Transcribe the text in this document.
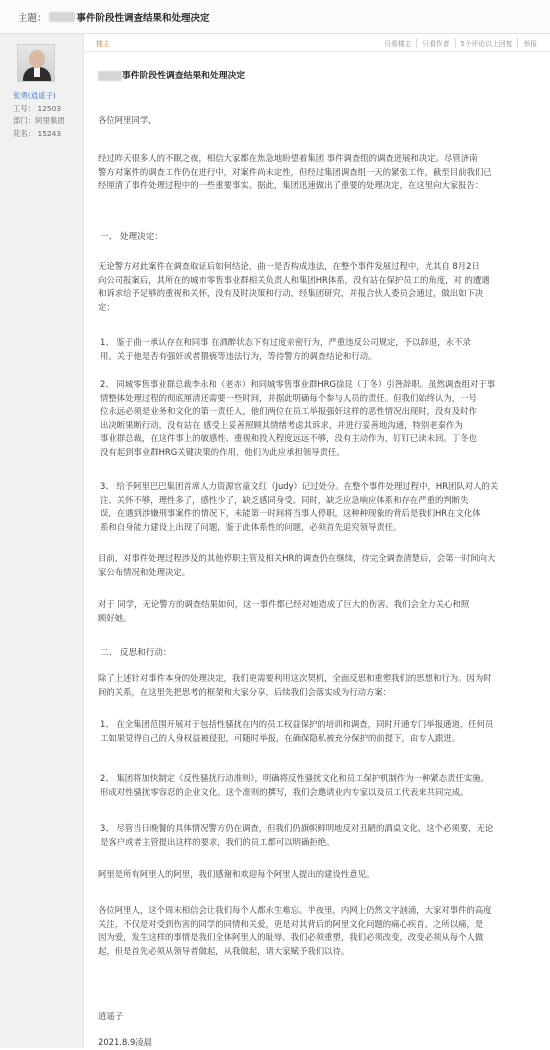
主题：	事件阶段性调查结果和处理决定
张勇(逍遥子)
工号： 12503
部门：阿里集团
花名： 15243
楼主	只看楼主	只看作者	5个评论以上回复	举报
事件阶段性调查结果和处理决定
各位阿里同学,
经过昨天很多人的不眠之夜，相信大家都在焦急地盼望着集团 事件调查组的调查进展和决定。尽管济南
警方对案件的调查工作仍在进行中，对案件尚未定性，但经过集团调查组一天的紧张工作，截至目前我们已
经厘清了事件处理过程中的一些重要事实。据此，集团迅速做出了重要的处理决定，在这里向大家报告：
一、 处理决定：
无论警方对此案件在调查取证后如何结论，曲一是否构成违法，在整个事件发展过程中，尤其自 8月2日
向公司报案后，其所在的城市零售事业群相关负责人和集团HR体系，没有站在保护员工的角度，对 的遭遇
和诉求给予足够的重视和关怀，没有及时决策和行动，经集团研究，并报合伙人委员会通过，做出如下决
定：
1、 鉴于曲一承认存在和同事 在酒醉状态下有过度亲密行为，严重违反公司规定，予以辞退，永不录
用。关于他是否有强奸或者猥亵等违法行为，等待警方的调查结论和行动。
2、 同城零售事业群总裁李永和（老赤）和同城零售事业群HRG徐昆（丁冬）引咎辞职。虽然调查组对于事
情整体处理过程的彻底厘清还需要一些时间，并据此明确每个参与人员的责任。但我们始终认为，一号
位永远必须是业务和文化的第一责任人，他们两位在员工举报强奸这样的恶性情况出现时，没有及时作
出决断果断行动，没有站在 感受上妥善照顾其情绪考虑其诉求，并进行妥善地沟通，特别老秦作为
事业群总裁，在这件事上的敏感性、重视和投入程度远远不够，没有主动作为，钉钉已读未回。丁冬也
没有起到事业群HRG关键决策的作用，他们为此应承担领导责任。
3、 给予阿里巴巴集团首席人力资源官童文红（Judy）记过处分。在整个事件处理过程中，HR团队对人的关
注、关怀不够，理性多了，感性少了，缺乏感同身受。同时，缺乏应急响应体系和存在严重的判断失
误，在遇到涉嫌刑事案件的情况下，未能第一时间将当事人停职。这种种现象的背后是我们HR在文化体
系和自身能力建设上出现了问题，鉴于此体系性的问题，必须首先追究领导责任。
目前，对事件处理过程涉及的其他停职主管及相关HR的调查仍在继续，待完全调查清楚后，会第一时间向大
家公布情况和处理决定。
对于 同学，无论警方的调查结果如何，这一事件都已经对她造成了巨大的伤害。我们会全力关心和照
顾好她。
二、 反思和行动：
除了上述针对事件本身的处理决定，我们更需要利用这次契机，全面反思和重塑我们的思想和行为。因为时
间的关系，在这里先把思考的框架和大家分享，后续我们会落实成为行动方案：
1、 在全集团范围开展对于包括性骚扰在内的员工权益保护的培训和调查，同时开通专门举报通道，任何员
工如果觉得自己的人身权益被侵犯，可随时举报，在确保隐私被充分保护的前提下，由专人跟进。
2、 集团将加快制定《反性骚扰行动准则》，明确将反性骚扰文化和员工保护机制作为一种紧态责任实施。
形成对性骚扰零容忍的企业文化。这个准则的撰写，我们会邀请业内专家以及员工代表来共同完成。
3、 尽管当日晚餐的具体情况警方仍在调查，但我们仍旗帜鲜明地反对丑陋的酒桌文化，这个必须要，无论
是客户或者主管提出这样的要求，我们的员工都可以明确拒绝。
阿里是所有阿里人的阿里，我们感谢和欢迎每个阿里人提出的建设性意见。
各位阿里人，这个周末相信会让我们每个人都永生难忘。半夜里，内网上仍然文字汹涌，大家对事件的高度
关注，不仅是对受到伤害的同学的同情和关爱，更是对其背后的阿里文化问题的痛心疾首。之所以痛，是
因为爱，发生这样的事情是我们全体阿里人的耻辱。我们必须重塑，我们必须改变，改变必须从每个人做
起，但是首先必须从领导者做起，从我做起，请大家赋予我们以待。
逍遥子
2021.8.9凌晨
